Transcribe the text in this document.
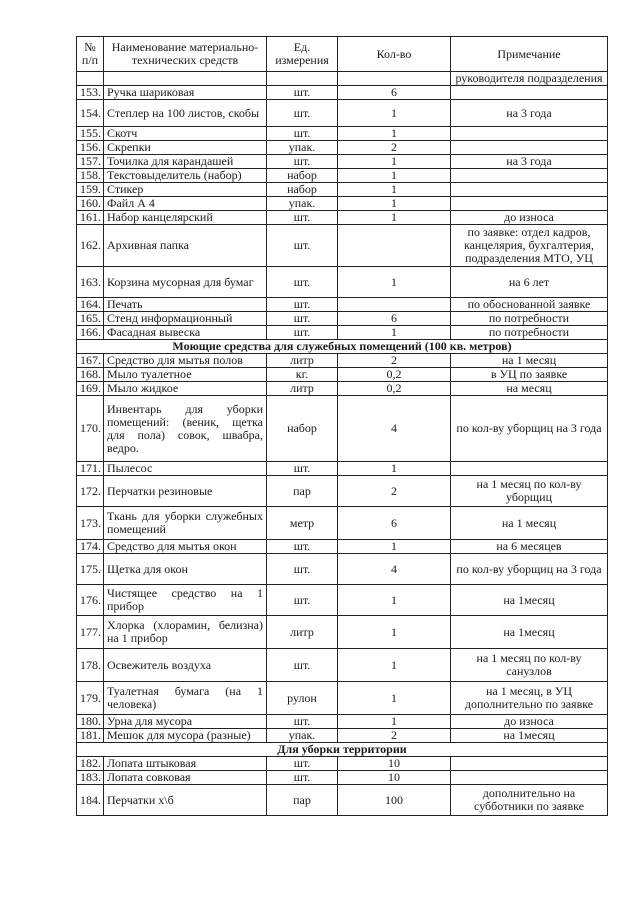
№ п/п	Наименование материально-технических средств	Ед. измерения	Кол-во	Примечание
				руководителя подразделения
153.	Ручка шариковая	шт.	6	
154.	Степлер на 100 листов, скобы	шт.	1	на 3 года
155.	Скотч	шт.	1	
156.	Скрепки	упак.	2	
157.	Точилка для карандашей	шт.	1	на 3 года
158.	Текстовыделитель (набор)	набор	1	
159.	Стикер	набор	1	
160.	Файл А 4	упак.	1	
161.	Набор канцелярский	шт.	1	до износа
162.	Архивная папка	шт.		по заявке: отдел кадров, канцелярия, бухгалтерия, подразделения МТО, УЦ
163.	Корзина мусорная для бумаг	шт.	1	на 6 лет
164.	Печать	шт.		по обоснованной заявке
165.	Стенд информационный	шт.	6	по потребности
166.	Фасадная вывеска	шт.	1	по потребности
Моющие средства для служебных помещений (100 кв. метров)				
167.	Средство для мытья полов	литр	2	на 1 месяц
168.	Мыло туалетное	кг.	0,2	в УЦ по заявке
169.	Мыло жидкое	литр	0,2	на месяц
170.	Инвентарь для уборки помещений: (веник, щетка для пола) совок, швабра, ведро.	набор	4	по кол-ву уборщиц на 3 года
171.	Пылесос	шт.	1	
172.	Перчатки резиновые	пар	2	на 1 месяц по кол-ву уборщиц
173.	Ткань для уборки служебных помещений	метр	6	на 1 месяц
174.	Средство для мытья окон	шт.	1	на 6 месяцев
175.	Щетка для окон	шт.	4	по кол-ву уборщиц на 3 года
176.	Чистящее средство на 1 прибор	шт.	1	на 1месяц
177.	Хлорка (хлорамин, белизна) на 1 прибор	литр	1	на 1месяц
178.	Освежитель воздуха	шт.	1	на 1 месяц по кол-ву санузлов
179.	Туалетная бумага (на 1 человека)	рулон	1	на 1 месяц, в УЦ дополнительно по заявке
180.	Урна для мусора	шт.	1	до износа
181.	Мешок для мусора (разные)	упак.	2	на 1месяц
Для уборки территории				
182.	Лопата штыковая	шт.	10	
183.	Лопата совковая	шт.	10	
184.	Перчатки х\б	пар	100	дополнительно на субботники по заявке
